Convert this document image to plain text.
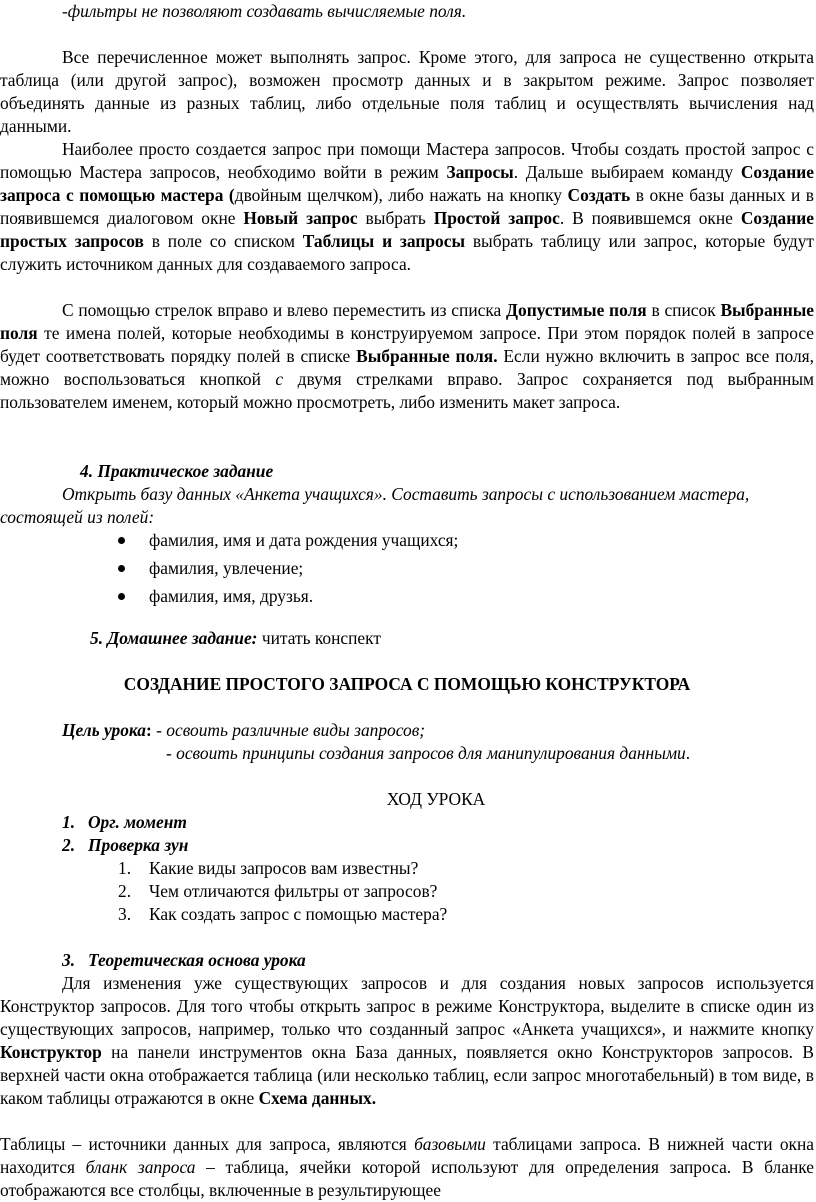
-фильтры не позволяют создавать вычисляемые поля.

Все перечисленное может выполнять запрос. Кроме этого, для запроса не существенно открыта таблица (или другой запрос), возможен просмотр данных и в закрытом режиме. Запрос позволяет объединять данные из разных таблиц, либо отдельные поля таблиц и осуществлять вычисления над данными.

Наиболее просто создается запрос при помощи Мастера запросов. Чтобы создать простой запрос с помощью Мастера запросов, необходимо войти в режим Запросы. Дальше выбираем команду Создание запроса с помощью мастера (двойным щелчком), либо нажать на кнопку Создать в окне базы данных и в появившемся диалоговом окне Новый запрос выбрать Простой запрос. В появившемся окне Создание простых запросов в поле со списком Таблицы и запросы выбрать таблицу или запрос, которые будут служить источником данных для создаваемого запроса.

С помощью стрелок вправо и влево переместить из списка Допустимые поля в список Выбранные поля те имена полей, которые необходимы в конструируемом запросе. При этом порядок полей в запросе будет соответствовать порядку полей в списке Выбранные поля. Если нужно включить в запрос все поля, можно воспользоваться кнопкой с двумя стрелками вправо. Запрос сохраняется под выбранным пользователем именем, который можно просмотреть, либо изменить макет запроса.

4. Практическое задание

Открыть базу данных «Анкета учащихся». Составить запросы с использованием мастера, состоящей из полей:

фамилия, имя и дата рождения учащихся;
фамилия, увлечение;
фамилия, имя, друзья.

5. Домашнее задание: читать конспект

СОЗДАНИЕ ПРОСТОГО ЗАПРОСА С ПОМОЩЬЮ КОНСТРУКТОРА

Цель урока: - освоить различные виды запросов;

- освоить принципы создания запросов для манипулирования данными.

ХОД УРОКА
1. Орг. момент
2. Проверка зун
1. Какие виды запросов вам известны?
2. Чем отличаются фильтры от запросов?
3. Как создать запрос с помощью мастера?
3. Теоретическая основа урока

Для изменения уже существующих запросов и для создания новых запросов используется Конструктор запросов. Для того чтобы открыть запрос в режиме Конструктора, выделите в списке один из существующих запросов, например, только что созданный запрос «Анкета учащихся», и нажмите кнопку Конструктор на панели инструментов окна База данных, появляется окно Конструкторов запросов. В верхней части окна отображается таблица (или несколько таблиц, если запрос многотабельный) в том виде, в каком таблицы отражаются в окне Схема данных.

Таблицы – источники данных для запроса, являются базовыми таблицами запроса. В нижней части окна находится бланк запроса – таблица, ячейки которой используют для определения запроса. В бланке отображаются все столбцы, включенные в результирующее
